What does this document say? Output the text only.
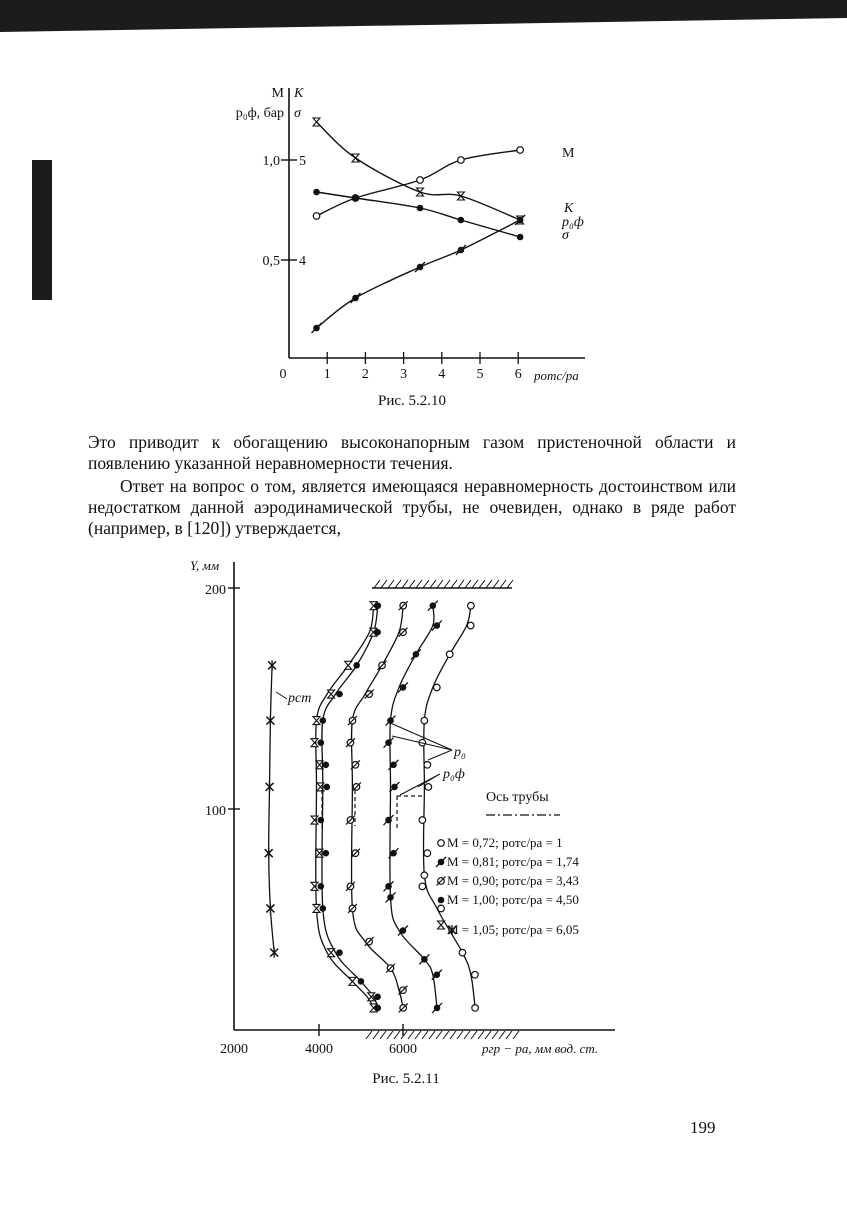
М K
p₀ф, бар σ
1,0
0,5
5
4
0	1 2 3 4 5 6 pотс/pa
М
K
p₀ф
σ
Рис. 5.2.10

Это приводит к обогащению высоконапорным газом пристеночной области и появлению указанной неравномерности течения.

Ответ на вопрос о том, является имеющаяся неравномерность достоинством или недостатком данной аэродинамической трубы, не очевиден, однако в ряде работ (например, в [120]) утверждается,

Y, мм
200
100
2000	4000	6000	pгр − pa, мм вод. ст.
p₀
p₀ф
pст
Ось трубы
M = 0,72; pотс/pa = 1
M = 0,81; pотс/pa = 1,74
M = 0,90; pотс/pa = 3,43
M = 1,00; pотс/pa = 4,50
M = 1,05; pотс/pa = 6,05
Рис. 5.2.11
199
